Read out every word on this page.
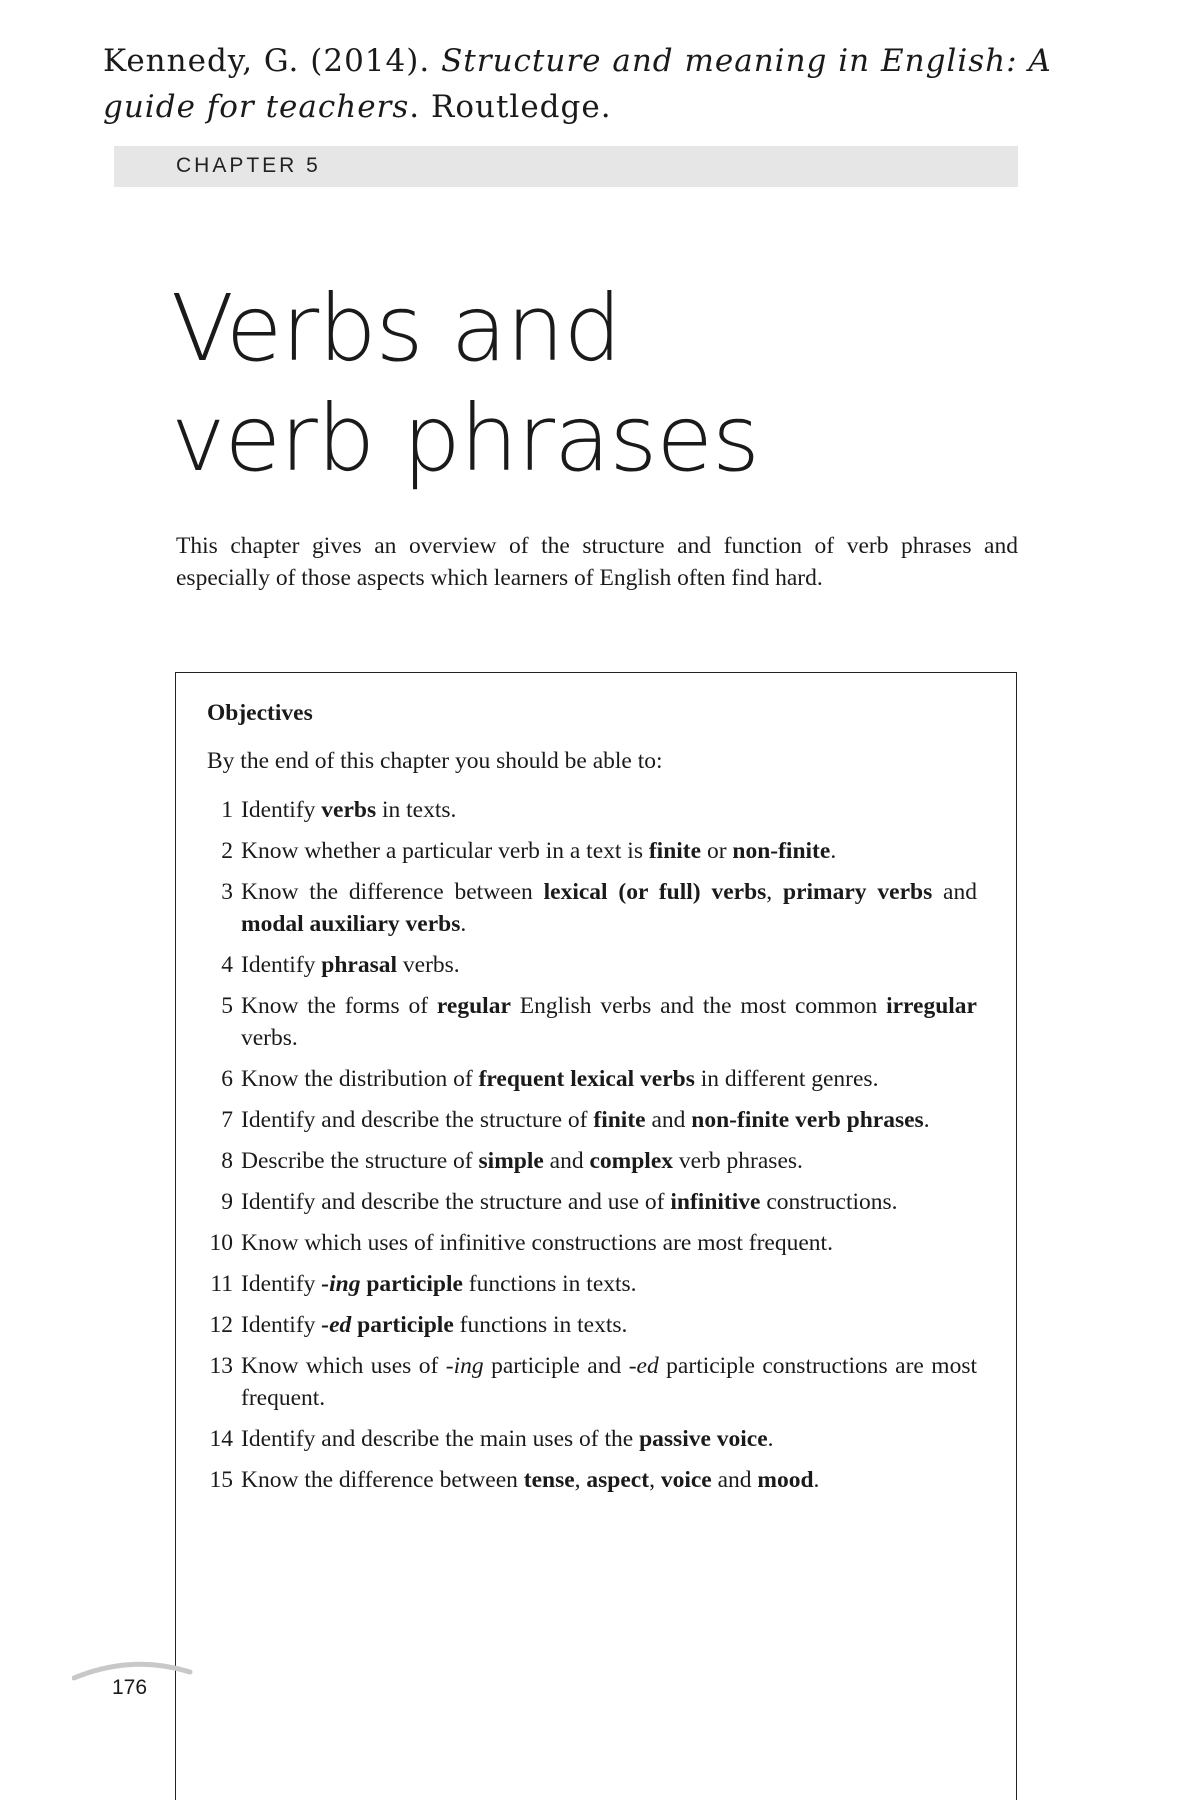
Kennedy, G. (2014). Structure and meaning in English: A guide for teachers. Routledge.
CHAPTER 5
Verbs and
verb phrases

This chapter gives an overview of the structure and function of verb phrases and especially of those aspects which learners of English often find hard.

Objectives
By the end of this chapter you should be able to:
1 Identify verbs in texts.
2 Know whether a particular verb in a text is finite or non-finite.
3 Know the difference between lexical (or full) verbs, primary verbs and modal auxiliary verbs.
4 Identify phrasal verbs.
5 Know the forms of regular English verbs and the most common irregular verbs.
6 Know the distribution of frequent lexical verbs in different genres.
7 Identify and describe the structure of finite and non-finite verb phrases.
8 Describe the structure of simple and complex verb phrases.
9 Identify and describe the structure and use of infinitive constructions.
10 Know which uses of infinitive constructions are most frequent.
11 Identify -ing participle functions in texts.
12 Identify -ed participle functions in texts.
13 Know which uses of -ing participle and -ed participle constructions are most frequent.
14 Identify and describe the main uses of the passive voice.
15 Know the difference between tense, aspect, voice and mood.
176
